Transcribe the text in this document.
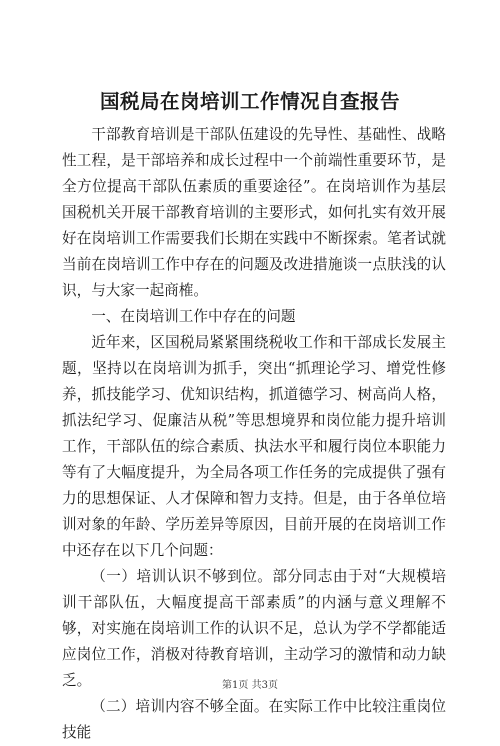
国税局在岗培训工作情况自查报告

干部教育培训是干部队伍建设的先导性、基础性、战略性工程，是干部培养和成长过程中一个前端性重要环节，是全方位提高干部队伍素质的重要途径”。在岗培训作为基层国税机关开展干部教育培训的主要形式，如何扎实有效开展好在岗培训工作需要我们长期在实践中不断探索。笔者试就当前在岗培训工作中存在的问题及改进措施谈一点肤浅的认识，与大家一起商榷。

一、在岗培训工作中存在的问题

近年来，区国税局紧紧围绕税收工作和干部成长发展主题，坚持以在岗培训为抓手，突出“抓理论学习、增党性修养，抓技能学习、优知识结构，抓道德学习、树高尚人格，抓法纪学习、促廉洁从税”等思想境界和岗位能力提升培训工作，干部队伍的综合素质、执法水平和履行岗位本职能力等有了大幅度提升，为全局各项工作任务的完成提供了强有力的思想保证、人才保障和智力支持。但是，由于各单位培训对象的年龄、学历差异等原因，目前开展的在岗培训工作中还存在以下几个问题：

（一）培训认识不够到位。部分同志由于对“大规模培训干部队伍，大幅度提高干部素质”的内涵与意义理解不够，对实施在岗培训工作的认识不足，总认为学不学都能适应岗位工作，消极对待教育培训，主动学习的激情和动力缺乏。

（二）培训内容不够全面。在实际工作中比较注重岗位技能

第1页 共3页
